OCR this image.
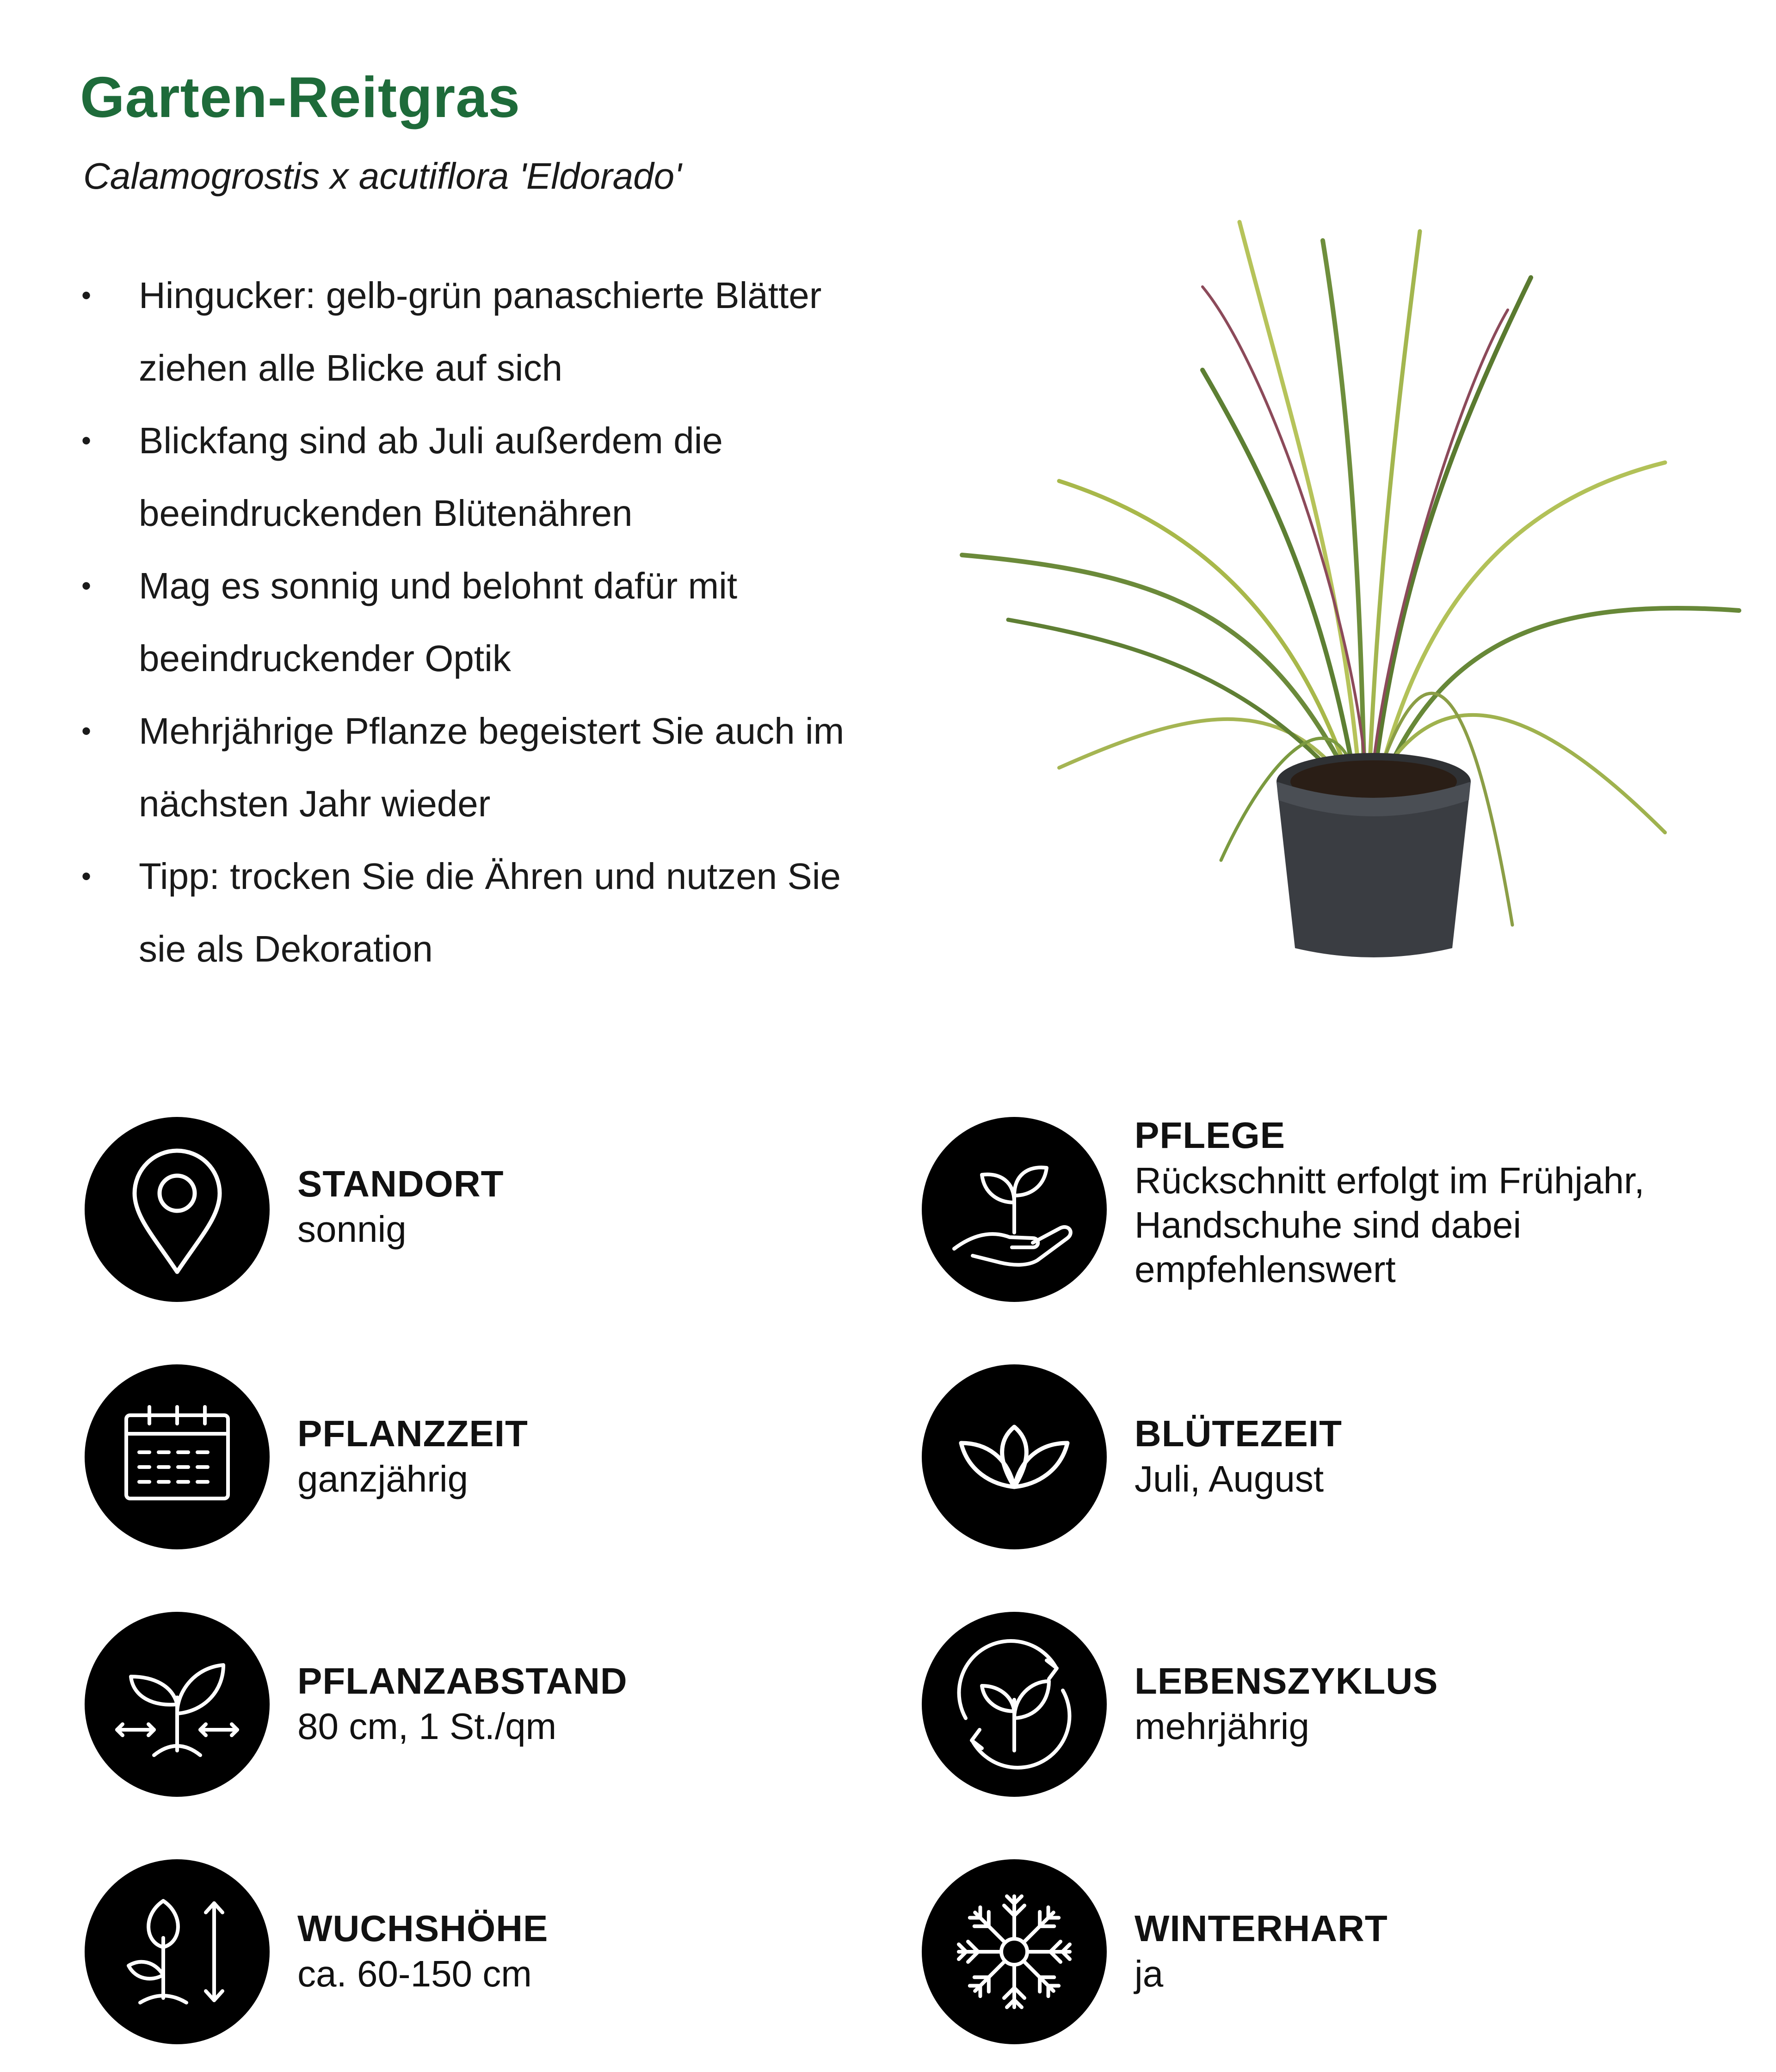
Garten-Reitgras
Calamogrostis x acutiflora 'Eldorado'
• Hingucker: gelb-grün panaschierte Blätter
ziehen alle Blicke auf sich
• Blickfang sind ab Juli außerdem die
beeindruckenden Blütenähren
• Mag es sonnig und belohnt dafür mit
beeindruckender Optik
• Mehrjährige Pflanze begeistert Sie auch im
nächsten Jahr wieder
• Tipp: trocken Sie die Ähren und nutzen Sie
sie als Dekoration
STANDORT
sonnig
PFLEGE
Rückschnitt erfolgt im Frühjahr,
Handschuhe sind dabei
empfehlenswert
PFLANZZEIT
ganzjährig
BLÜTEZEIT
Juli, August
PFLANZABSTAND
80 cm, 1 St./qm
LEBENSZYKLUS
mehrjährig
WUCHSHÖHE
ca. 60-150 cm
WINTERHART
ja
